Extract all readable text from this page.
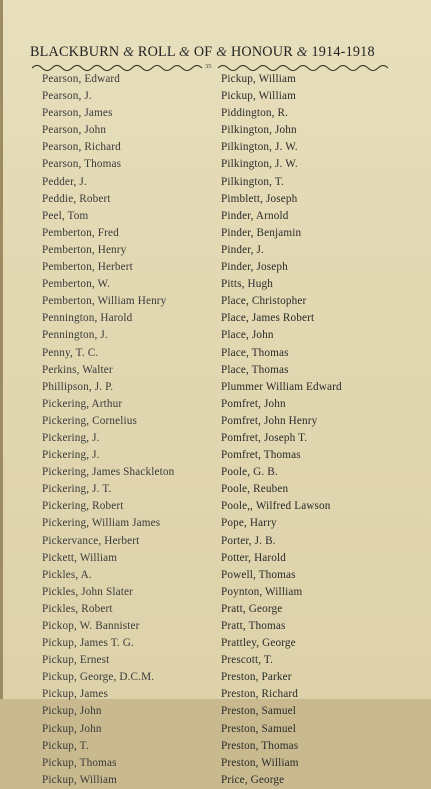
BLACKBURN & ROLL & OF & HONOUR & 1914-1918
35
Pearson, Edward
Pearson, J.
Pearson, James
Pearson, John
Pearson, Richard
Pearson, Thomas
Pedder, J.
Peddie, Robert
Peel, Tom
Pemberton, Fred
Pemberton, Henry
Pemberton, Herbert
Pemberton, W.
Pemberton, William Henry
Pennington, Harold
Pennington, J.
Penny, T. C.
Perkins, Walter
Phillipson, J. P.
Pickering, Arthur
Pickering, Cornelius
Pickering, J.
Pickering, J.
Pickering, James Shackleton
Pickering, J. T.
Pickering, Robert
Pickering, William James
Pickervance, Herbert
Pickett, William
Pickles, A.
Pickles, John Slater
Pickles, Robert
Pickop, W. Bannister
Pickup, James T. G.
Pickup, Ernest
Pickup, George, D.C.M.
Pickup, James
Pickup, John
Pickup, John
Pickup, T.
Pickup, Thomas
Pickup, William
Pickup, William
Pickup, William
Piddington, R.
Pilkington, John
Pilkington, J. W.
Pilkington, J. W.
Pilkington, T.
Pimblett, Joseph
Pinder, Arnold
Pinder, Benjamin
Pinder, J.
Pinder, Joseph
Pitts, Hugh
Place, Christopher
Place, James Robert
Place, John
Place, Thomas
Place, Thomas
Plummer William Edward
Pomfret, John
Pomfret, John Henry
Pomfret, Joseph T.
Pomfret, Thomas
Poole, G. B.
Poole, Reuben
Poole,, Wilfred Lawson
Pope, Harry
Porter, J. B.
Potter, Harold
Powell, Thomas
Poynton, William
Pratt, George
Pratt, Thomas
Prattley, George
Prescott, T.
Preston, Parker
Preston, Richard
Preston, Samuel
Preston, Samuel
Preston, Thomas
Preston, William
Price, George
